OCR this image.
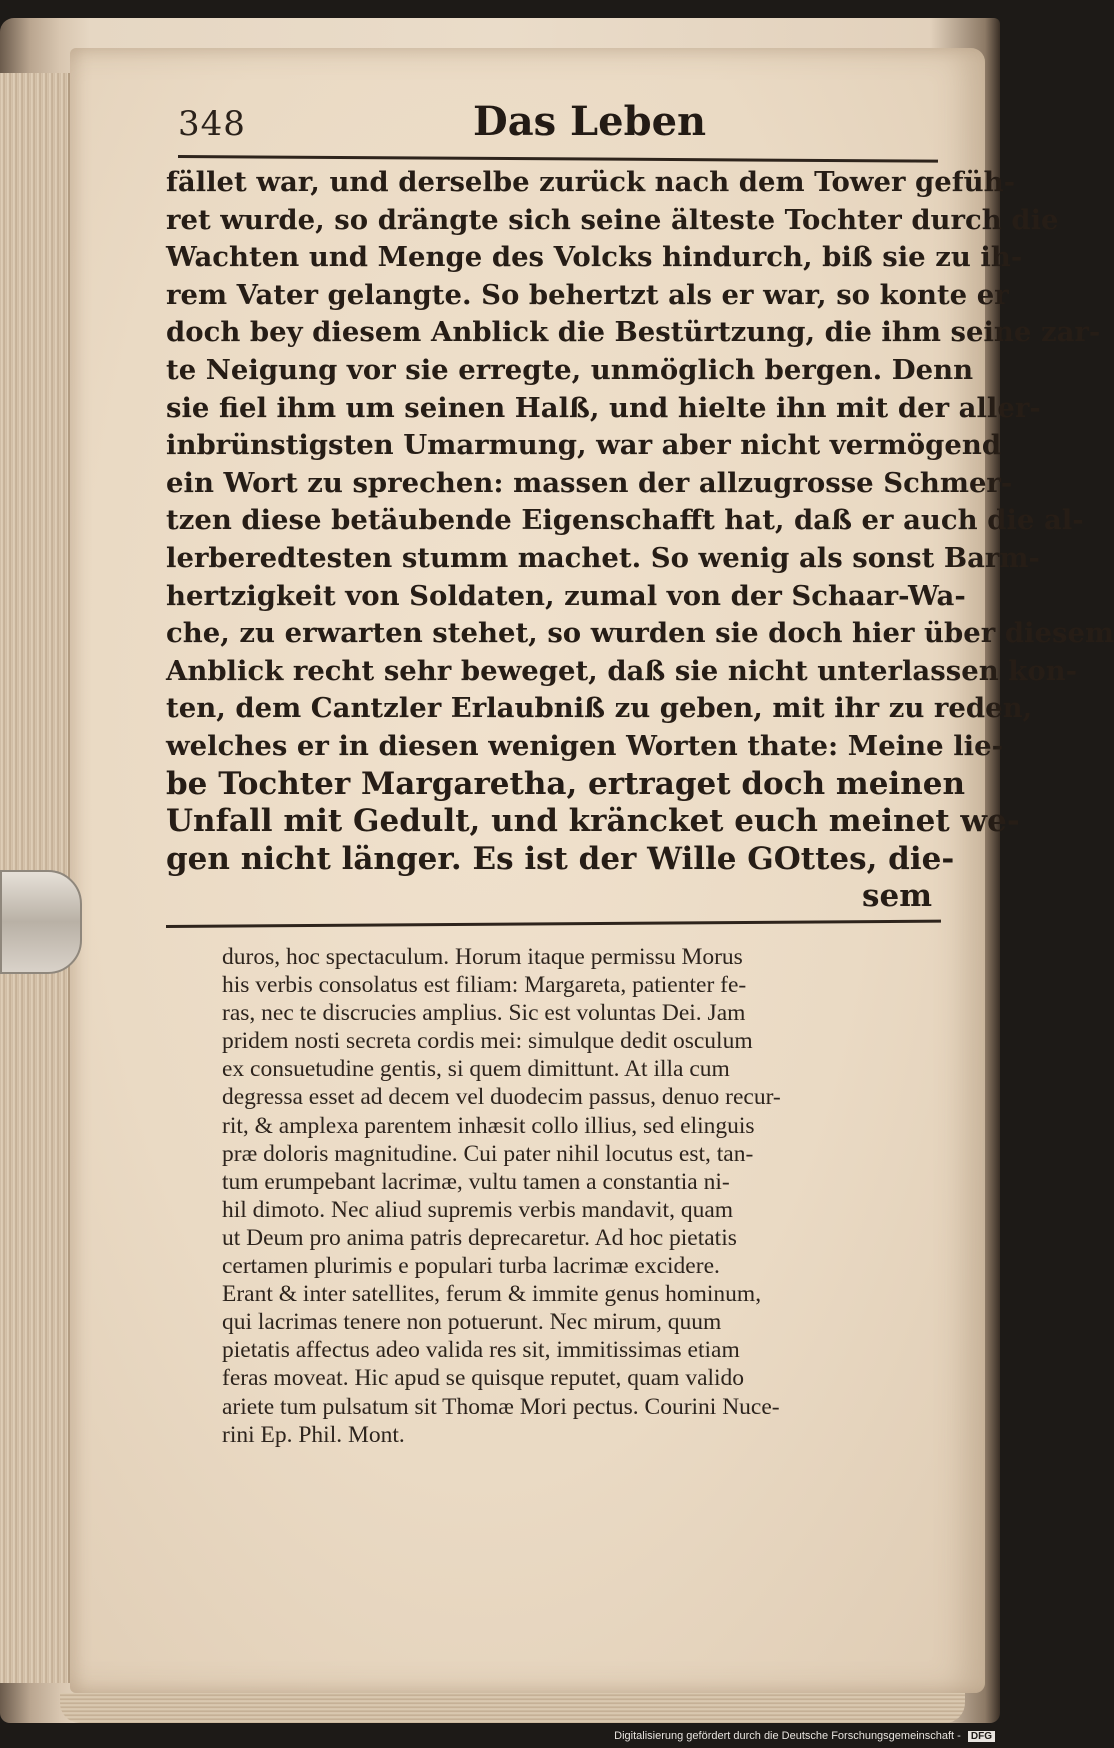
348	Das Leben

fället war, und derselbe zurück nach dem Tower gefüh-

ret wurde, so drängte sich seine älteste Tochter durch die

Wachten und Menge des Volcks hindurch, biß sie zu ih-

rem Vater gelangte. So behertzt als er war, so konte er

doch bey diesem Anblick die Bestürtzung, die ihm seine zar-

te Neigung vor sie erregte, unmöglich bergen. Denn

sie fiel ihm um seinen Halß, und hielte ihn mit der aller-

inbrünstigsten Umarmung, war aber nicht vermögend

ein Wort zu sprechen: massen der allzugrosse Schmer-

tzen diese betäubende Eigenschafft hat, daß er auch die al-

lerberedtesten stumm machet. So wenig als sonst Barm-

hertzigkeit von Soldaten, zumal von der Schaar-Wa-

che, zu erwarten stehet, so wurden sie doch hier über diesem

Anblick recht sehr beweget, daß sie nicht unterlassen kon-

ten, dem Cantzler Erlaubniß zu geben, mit ihr zu reden,

welches er in diesen wenigen Worten thate: Meine lie-

be Tochter Margaretha, ertraget doch meinen

Unfall mit Gedult, und kräncket euch meinet we-

gen nicht länger. Es ist der Wille GOttes, die-

sem

duros, hoc spectaculum. Horum itaque permissu Morus

his verbis consolatus est filiam: Margareta, patienter fe-

ras, nec te discrucies amplius. Sic est voluntas Dei. Jam

pridem nosti secreta cordis mei: simulque dedit osculum

ex consuetudine gentis, si quem dimittunt. At illa cum

degressa esset ad decem vel duodecim passus, denuo recur-

rit, & amplexa parentem inhæsit collo illius, sed elinguis

præ doloris magnitudine. Cui pater nihil locutus est, tan-

tum erumpebant lacrimæ, vultu tamen a constantia ni-

hil dimoto. Nec aliud supremis verbis mandavit, quam

ut Deum pro anima patris deprecaretur. Ad hoc pietatis

certamen plurimis e populari turba lacrimæ excidere.

Erant & inter satellites, ferum & immite genus hominum,

qui lacrimas tenere non potuerunt. Nec mirum, quum

pietatis affectus adeo valida res sit, immitissimas etiam

feras moveat. Hic apud se quisque reputet, quam valido

ariete tum pulsatum sit Thomæ Mori pectus. Courini Nuce-

rini Ep. Phil. Mont.

Digitalisierung gefördert durch die Deutsche Forschungsgemeinschaft - DFG
